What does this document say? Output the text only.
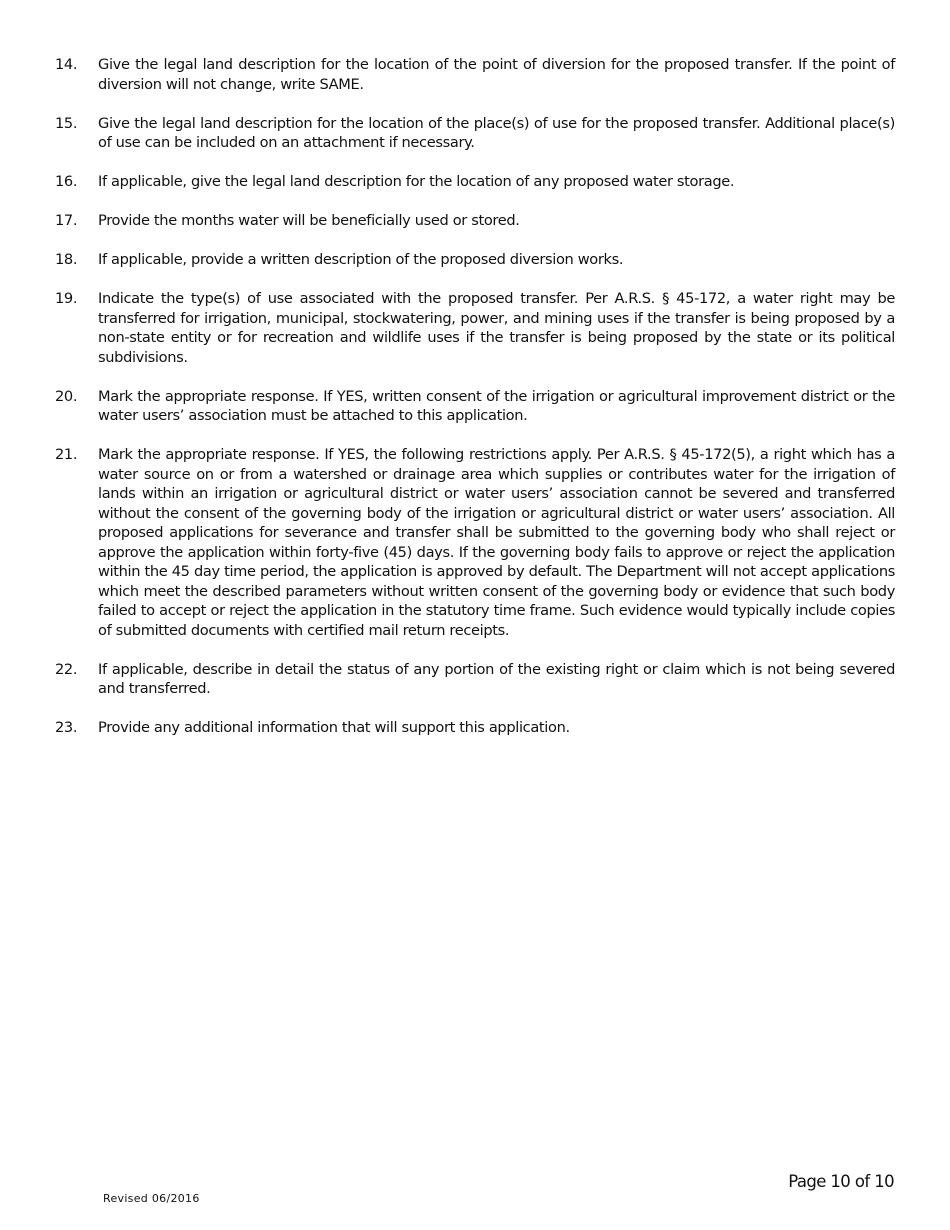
14.	Give the legal land description for the location of the point of diversion for the proposed transfer. If the point of diversion will not change, write SAME.
15.	Give the legal land description for the location of the place(s) of use for the proposed transfer. Additional place(s) of use can be included on an attachment if necessary.
16.	If applicable, give the legal land description for the location of any proposed water storage.
17.	Provide the months water will be beneficially used or stored.
18.	If applicable, provide a written description of the proposed diversion works.
19.	Indicate the type(s) of use associated with the proposed transfer. Per A.R.S. § 45-172, a water right may be transferred for irrigation, municipal, stockwatering, power, and mining uses if the transfer is being proposed by a non-state entity or for recreation and wildlife uses if the transfer is being proposed by the state or its political subdivisions.
20.	Mark the appropriate response. If YES, written consent of the irrigation or agricultural improvement district or the water users’ association must be attached to this application.
21.	Mark the appropriate response. If YES, the following restrictions apply. Per A.R.S. § 45-172(5), a right which has a water source on or from a watershed or drainage area which supplies or contributes water for the irrigation of lands within an irrigation or agricultural district or water users’ association cannot be severed and transferred without the consent of the governing body of the irrigation or agricultural district or water users’ association. All proposed applications for severance and transfer shall be submitted to the governing body who shall reject or approve the application within forty-five (45) days. If the governing body fails to approve or reject the application within the 45 day time period, the application is approved by default. The Department will not accept applications which meet the described parameters without written consent of the governing body or evidence that such body failed to accept or reject the application in the statutory time frame. Such evidence would typically include copies of submitted documents with certified mail return receipts.
22.	If applicable, describe in detail the status of any portion of the existing right or claim which is not being severed and transferred.
23.	Provide any additional information that will support this application.
Page 10 of 10
Revised 06/2016
